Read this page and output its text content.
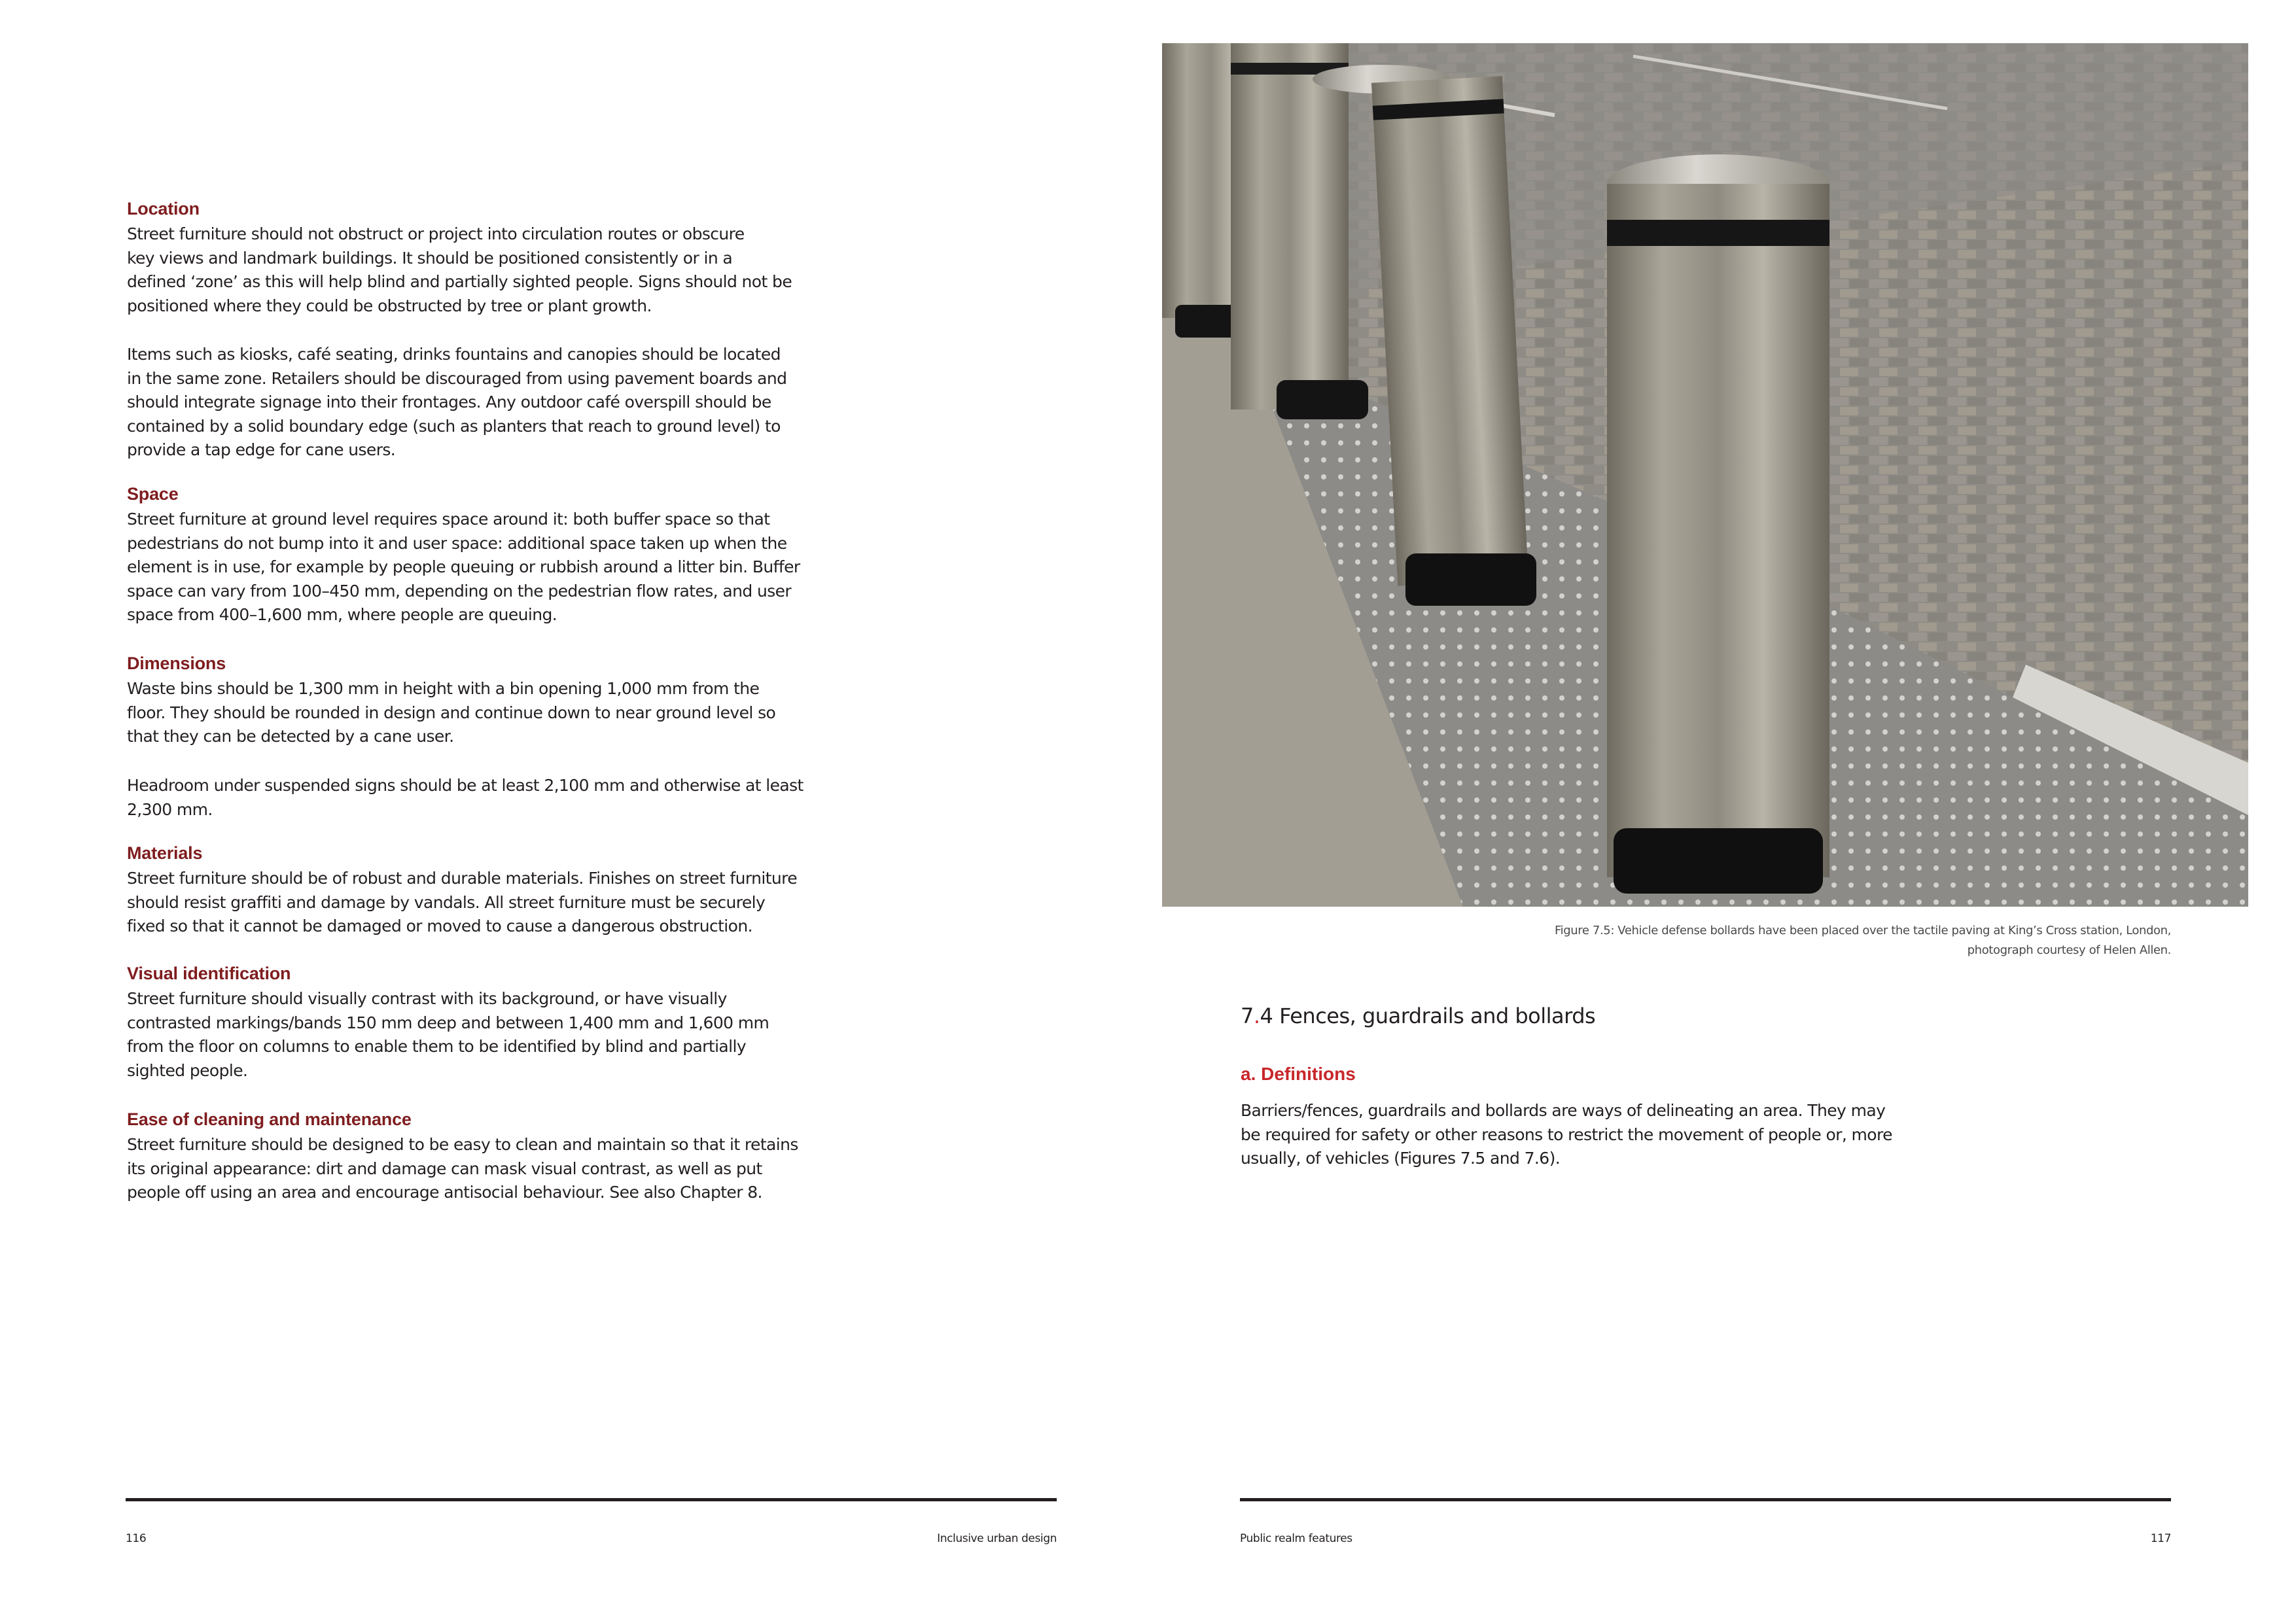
Location

Street furniture should not obstruct or project into circulation routes or obscure
key views and landmark buildings. It should be positioned consistently or in a
defined ‘zone’ as this will help blind and partially sighted people. Signs should not be
positioned where they could be obstructed by tree or plant growth.

Items such as kiosks, café seating, drinks fountains and canopies should be located
in the same zone. Retailers should be discouraged from using pavement boards and
should integrate signage into their frontages. Any outdoor café overspill should be
contained by a solid boundary edge (such as planters that reach to ground level) to
provide a tap edge for cane users.

Space

Street furniture at ground level requires space around it: both buffer space so that
pedestrians do not bump into it and user space: additional space taken up when the
element is in use, for example by people queuing or rubbish around a litter bin. Buffer
space can vary from 100–450 mm, depending on the pedestrian flow rates, and user
space from 400–1,600 mm, where people are queuing.

Dimensions

Waste bins should be 1,300 mm in height with a bin opening 1,000 mm from the
floor. They should be rounded in design and continue down to near ground level so
that they can be detected by a cane user.

Headroom under suspended signs should be at least 2,100 mm and otherwise at least
2,300 mm.

Materials

Street furniture should be of robust and durable materials. Finishes on street furniture
should resist graffiti and damage by vandals. All street furniture must be securely
fixed so that it cannot be damaged or moved to cause a dangerous obstruction.

Visual identification

Street furniture should visually contrast with its background, or have visually
contrasted markings/bands 150 mm deep and between 1,400 mm and 1,600 mm
from the floor on columns to enable them to be identified by blind and partially
sighted people.

Ease of cleaning and maintenance

Street furniture should be designed to be easy to clean and maintain so that it retains
its original appearance: dirt and damage can mask visual contrast, as well as put
people off using an area and encourage antisocial behaviour. See also Chapter 8.

116	Inclusive urban design
Figure 7.5: Vehicle defense bollards have been placed over the tactile paving at King’s Cross station, London,
photograph courtesy of Helen Allen.
7.4 Fences, guardrails and bollards
a. Definitions

Barriers/fences, guardrails and bollards are ways of delineating an area. They may
be required for safety or other reasons to restrict the movement of people or, more
usually, of vehicles (Figures 7.5 and 7.6).

Public realm features	117
